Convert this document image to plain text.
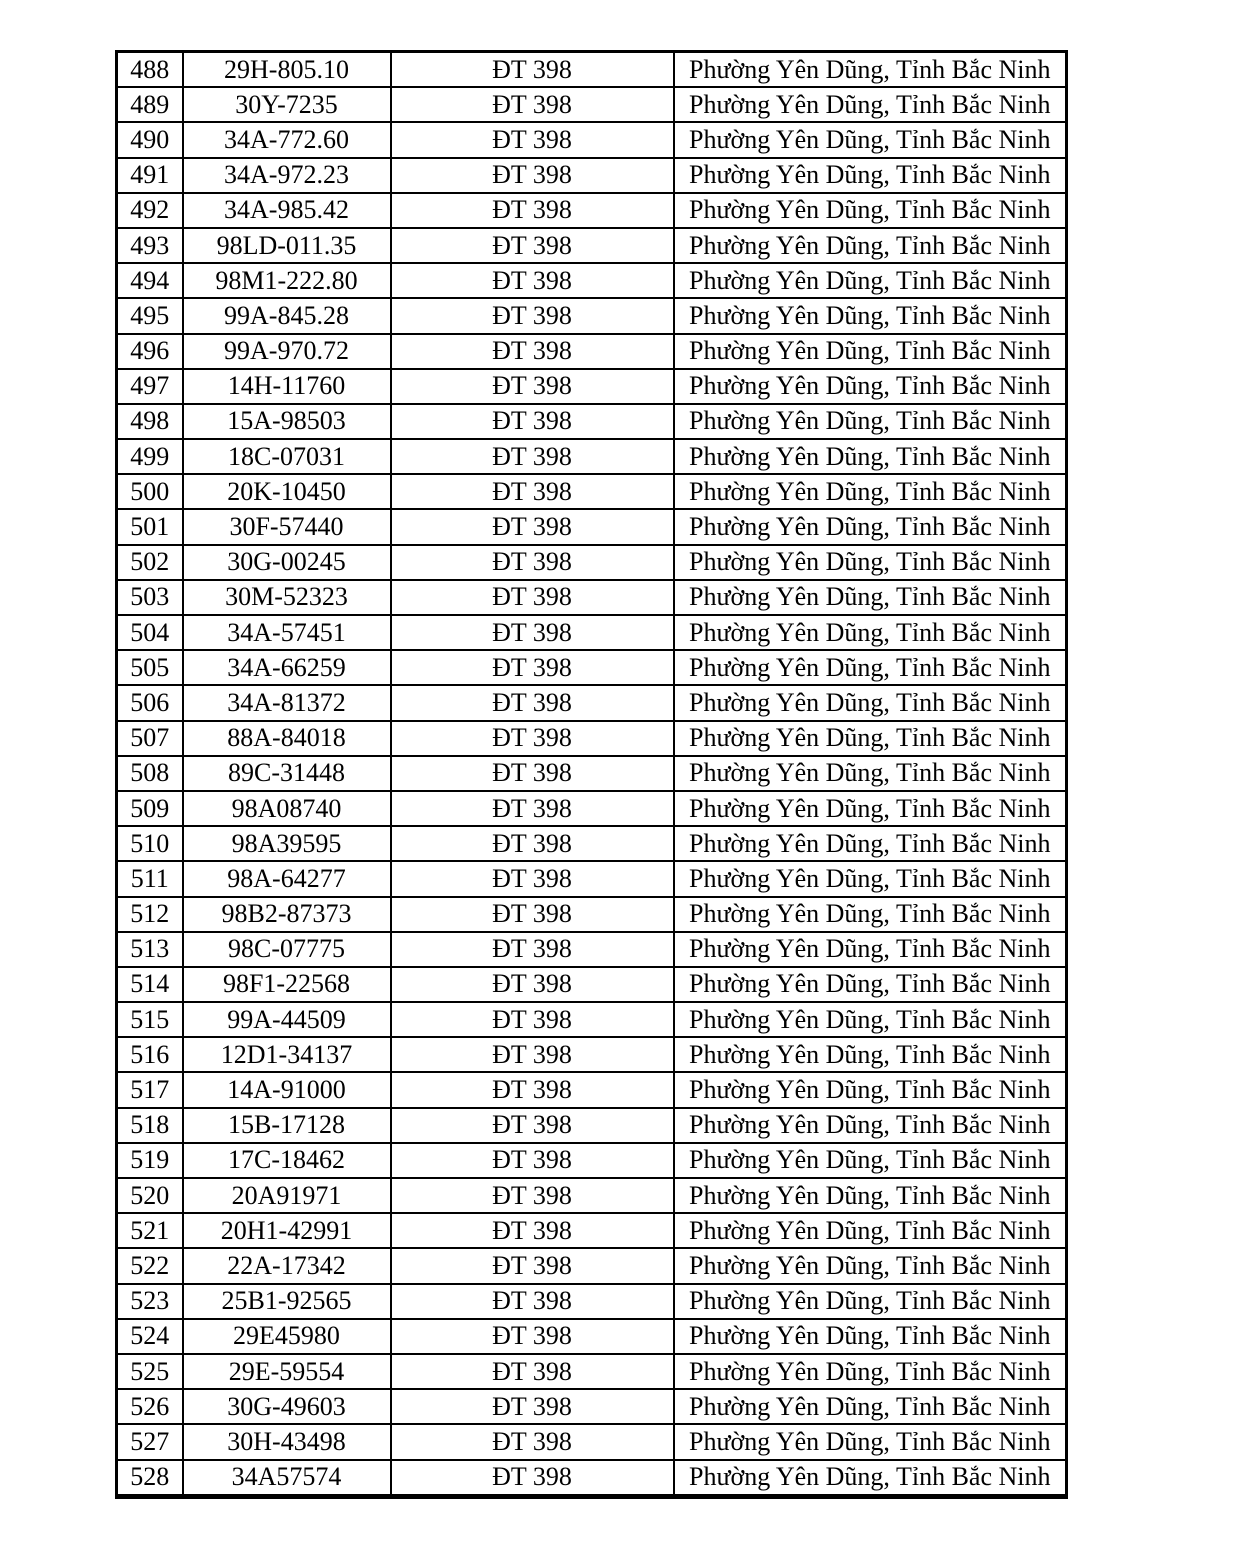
488	29H-805.10	ĐT 398	Phường Yên Dũng, Tỉnh Bắc Ninh
489	30Y-7235	ĐT 398	Phường Yên Dũng, Tỉnh Bắc Ninh
490	34A-772.60	ĐT 398	Phường Yên Dũng, Tỉnh Bắc Ninh
491	34A-972.23	ĐT 398	Phường Yên Dũng, Tỉnh Bắc Ninh
492	34A-985.42	ĐT 398	Phường Yên Dũng, Tỉnh Bắc Ninh
493	98LD-011.35	ĐT 398	Phường Yên Dũng, Tỉnh Bắc Ninh
494	98M1-222.80	ĐT 398	Phường Yên Dũng, Tỉnh Bắc Ninh
495	99A-845.28	ĐT 398	Phường Yên Dũng, Tỉnh Bắc Ninh
496	99A-970.72	ĐT 398	Phường Yên Dũng, Tỉnh Bắc Ninh
497	14H-11760	ĐT 398	Phường Yên Dũng, Tỉnh Bắc Ninh
498	15A-98503	ĐT 398	Phường Yên Dũng, Tỉnh Bắc Ninh
499	18C-07031	ĐT 398	Phường Yên Dũng, Tỉnh Bắc Ninh
500	20K-10450	ĐT 398	Phường Yên Dũng, Tỉnh Bắc Ninh
501	30F-57440	ĐT 398	Phường Yên Dũng, Tỉnh Bắc Ninh
502	30G-00245	ĐT 398	Phường Yên Dũng, Tỉnh Bắc Ninh
503	30M-52323	ĐT 398	Phường Yên Dũng, Tỉnh Bắc Ninh
504	34A-57451	ĐT 398	Phường Yên Dũng, Tỉnh Bắc Ninh
505	34A-66259	ĐT 398	Phường Yên Dũng, Tỉnh Bắc Ninh
506	34A-81372	ĐT 398	Phường Yên Dũng, Tỉnh Bắc Ninh
507	88A-84018	ĐT 398	Phường Yên Dũng, Tỉnh Bắc Ninh
508	89C-31448	ĐT 398	Phường Yên Dũng, Tỉnh Bắc Ninh
509	98A08740	ĐT 398	Phường Yên Dũng, Tỉnh Bắc Ninh
510	98A39595	ĐT 398	Phường Yên Dũng, Tỉnh Bắc Ninh
511	98A-64277	ĐT 398	Phường Yên Dũng, Tỉnh Bắc Ninh
512	98B2-87373	ĐT 398	Phường Yên Dũng, Tỉnh Bắc Ninh
513	98C-07775	ĐT 398	Phường Yên Dũng, Tỉnh Bắc Ninh
514	98F1-22568	ĐT 398	Phường Yên Dũng, Tỉnh Bắc Ninh
515	99A-44509	ĐT 398	Phường Yên Dũng, Tỉnh Bắc Ninh
516	12D1-34137	ĐT 398	Phường Yên Dũng, Tỉnh Bắc Ninh
517	14A-91000	ĐT 398	Phường Yên Dũng, Tỉnh Bắc Ninh
518	15B-17128	ĐT 398	Phường Yên Dũng, Tỉnh Bắc Ninh
519	17C-18462	ĐT 398	Phường Yên Dũng, Tỉnh Bắc Ninh
520	20A91971	ĐT 398	Phường Yên Dũng, Tỉnh Bắc Ninh
521	20H1-42991	ĐT 398	Phường Yên Dũng, Tỉnh Bắc Ninh
522	22A-17342	ĐT 398	Phường Yên Dũng, Tỉnh Bắc Ninh
523	25B1-92565	ĐT 398	Phường Yên Dũng, Tỉnh Bắc Ninh
524	29E45980	ĐT 398	Phường Yên Dũng, Tỉnh Bắc Ninh
525	29E-59554	ĐT 398	Phường Yên Dũng, Tỉnh Bắc Ninh
526	30G-49603	ĐT 398	Phường Yên Dũng, Tỉnh Bắc Ninh
527	30H-43498	ĐT 398	Phường Yên Dũng, Tỉnh Bắc Ninh
528	34A57574	ĐT 398	Phường Yên Dũng, Tỉnh Bắc Ninh
